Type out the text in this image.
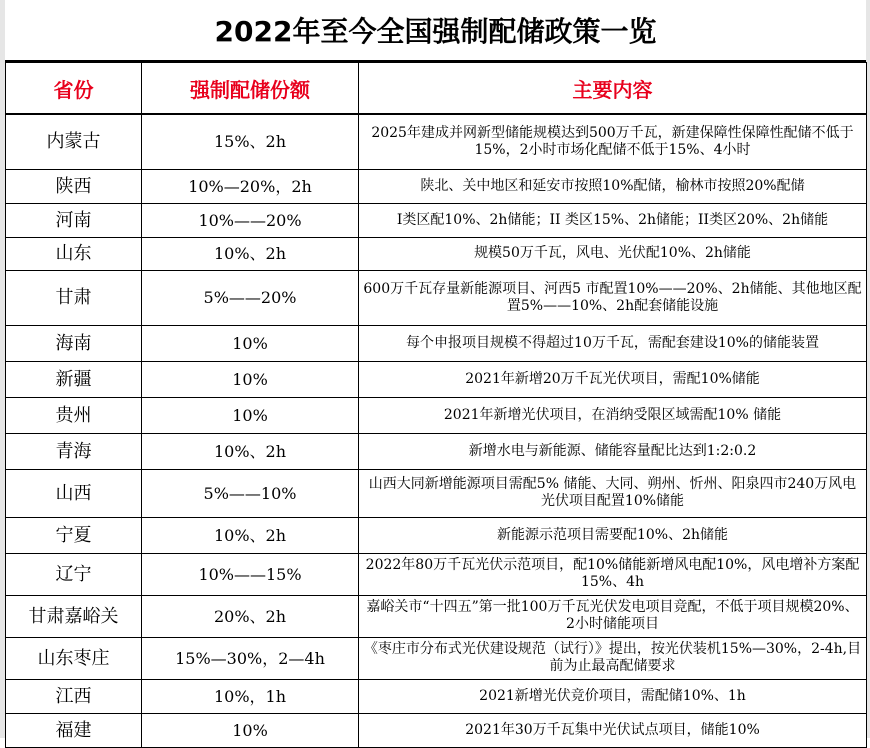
2022年至今全国强制配储政策一览
省份	强制配储份额	主要内容
内蒙古	15%、2h	2025年建成并网新型储能规模达到500万千瓦，新建保障性保障性配储不低于15%，2小时市场化配储不低于15%、4小时
陕西	10%—20%，2h	陕北、关中地区和延安市按照10%配储，榆林市按照20%配储
河南	10%——20%	I类区配10%、2h储能；II 类区15%、2h储能；II类区20%、2h储能
山东	10%、2h	规模50万千瓦，风电、光伏配10%、2h储能
甘肃	5%——20%	600万千瓦存量新能源项目、河西5 市配置10%——20%、2h储能、其他地区配置5%——10%、2h配套储能设施
海南	10%	每个申报项目规模不得超过10万千瓦，需配套建设10%的储能装置
新疆	10%	2021年新增20万千瓦光伏项目，需配10%储能
贵州	10%	2021年新增光伏项目，在消纳受限区域需配10% 储能
青海	10%、2h	新增水电与新能源、储能容量配比达到1:2:0.2
山西	5%——10%	山西大同新增能源项目需配5% 储能、大同、朔州、忻州、阳泉四市240万风电光伏项目配置10%储能
宁夏	10%、2h	新能源示范项目需要配10%、2h储能
辽宁	10%——15%	2022年80万千瓦光伏示范项目，配10%储能新增风电配10%，风电增补方案配15%、4h
甘肃嘉峪关	20%、2h	嘉峪关市“十四五”第一批100万千瓦光伏发电项目竞配，不低于项目规模20%、2小时储能项目
山东枣庄	15%—30%，2—4h	《枣庄市分布式光伏建设规范（试行）》提出，按光伏装机15%—30%，2-4h,目前为止最高配储要求
江西	10%，1h	2021新增光伏竞价项目，需配储10%、1h
福建	10%	2021年30万千瓦集中光伏试点项目，储能10%
